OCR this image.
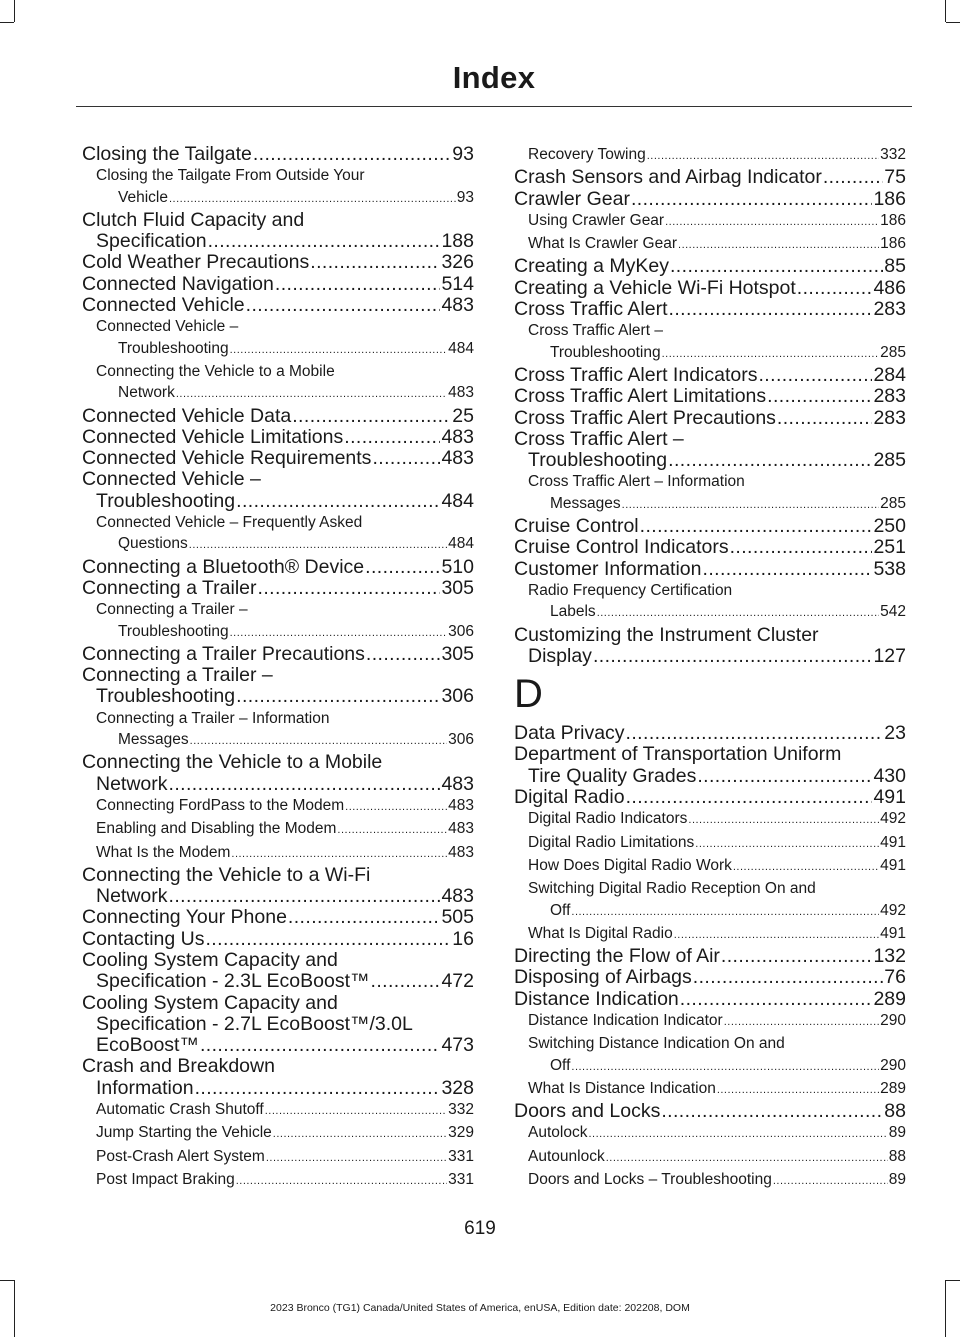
Index
Closing the Tailgate .....	93
Closing the Tailgate From Outside Your
Vehicle .....	93
Clutch Fluid Capacity and
Specification .....	188
Cold Weather Precautions .....	326
Connected Navigation .....	514
Connected Vehicle .....	483
Connected Vehicle –
Troubleshooting .....	484
Connecting the Vehicle to a Mobile
Network .....	483
Connected Vehicle Data .....	25
Connected Vehicle Limitations .....	483
Connected Vehicle Requirements .....	483
Connected Vehicle –
Troubleshooting .....	484
Connected Vehicle – Frequently Asked
Questions .....	484
Connecting a Bluetooth® Device .....	510
Connecting a Trailer .....	305
Connecting a Trailer –
Troubleshooting .....	306
Connecting a Trailer Precautions .....	305
Connecting a Trailer –
Troubleshooting .....	306
Connecting a Trailer – Information
Messages .....	306
Connecting the Vehicle to a Mobile
Network .....	483
Connecting FordPass to the Modem .....	483
Enabling and Disabling the Modem .....	483
What Is the Modem .....	483
Connecting the Vehicle to a Wi-Fi
Network .....	483
Connecting Your Phone .....	505
Contacting Us .....	16
Cooling System Capacity and
Specification - 2.3L EcoBoost™ .....	472
Cooling System Capacity and
Specification - 2.7L EcoBoost™/3.0L
EcoBoost™ .....	473
Crash and Breakdown
Information .....	328
Automatic Crash Shutoff .....	332
Jump Starting the Vehicle .....	329
Post-Crash Alert System .....	331
Post Impact Braking .....	331
Recovery Towing .....	332
Crash Sensors and Airbag Indicator .....	75
Crawler Gear .....	186
Using Crawler Gear .....	186
What Is Crawler Gear .....	186
Creating a MyKey .....	85
Creating a Vehicle Wi-Fi Hotspot .....	486
Cross Traffic Alert .....	283
Cross Traffic Alert –
Troubleshooting .....	285
Cross Traffic Alert Indicators .....	284
Cross Traffic Alert Limitations .....	283
Cross Traffic Alert Precautions .....	283
Cross Traffic Alert –
Troubleshooting .....	285
Cross Traffic Alert – Information
Messages .....	285
Cruise Control .....	250
Cruise Control Indicators .....	251
Customer Information .....	538
Radio Frequency Certification
Labels .....	542
Customizing the Instrument Cluster
Display .....	127
D
Data Privacy .....	23
Department of Transportation Uniform
Tire Quality Grades .....	430
Digital Radio .....	491
Digital Radio Indicators .....	492
Digital Radio Limitations .....	491
How Does Digital Radio Work .....	491
Switching Digital Radio Reception On and
Off .....	492
What Is Digital Radio .....	491
Directing the Flow of Air .....	132
Disposing of Airbags .....	76
Distance Indication .....	289
Distance Indication Indicator .....	290
Switching Distance Indication On and
Off .....	290
What Is Distance Indication .....	289
Doors and Locks .....	88
Autolock .....	89
Autounlock .....	88
Doors and Locks – Troubleshooting .....	89
619
2023 Bronco (TG1) Canada/United States of America, enUSA, Edition date: 202208, DOM
